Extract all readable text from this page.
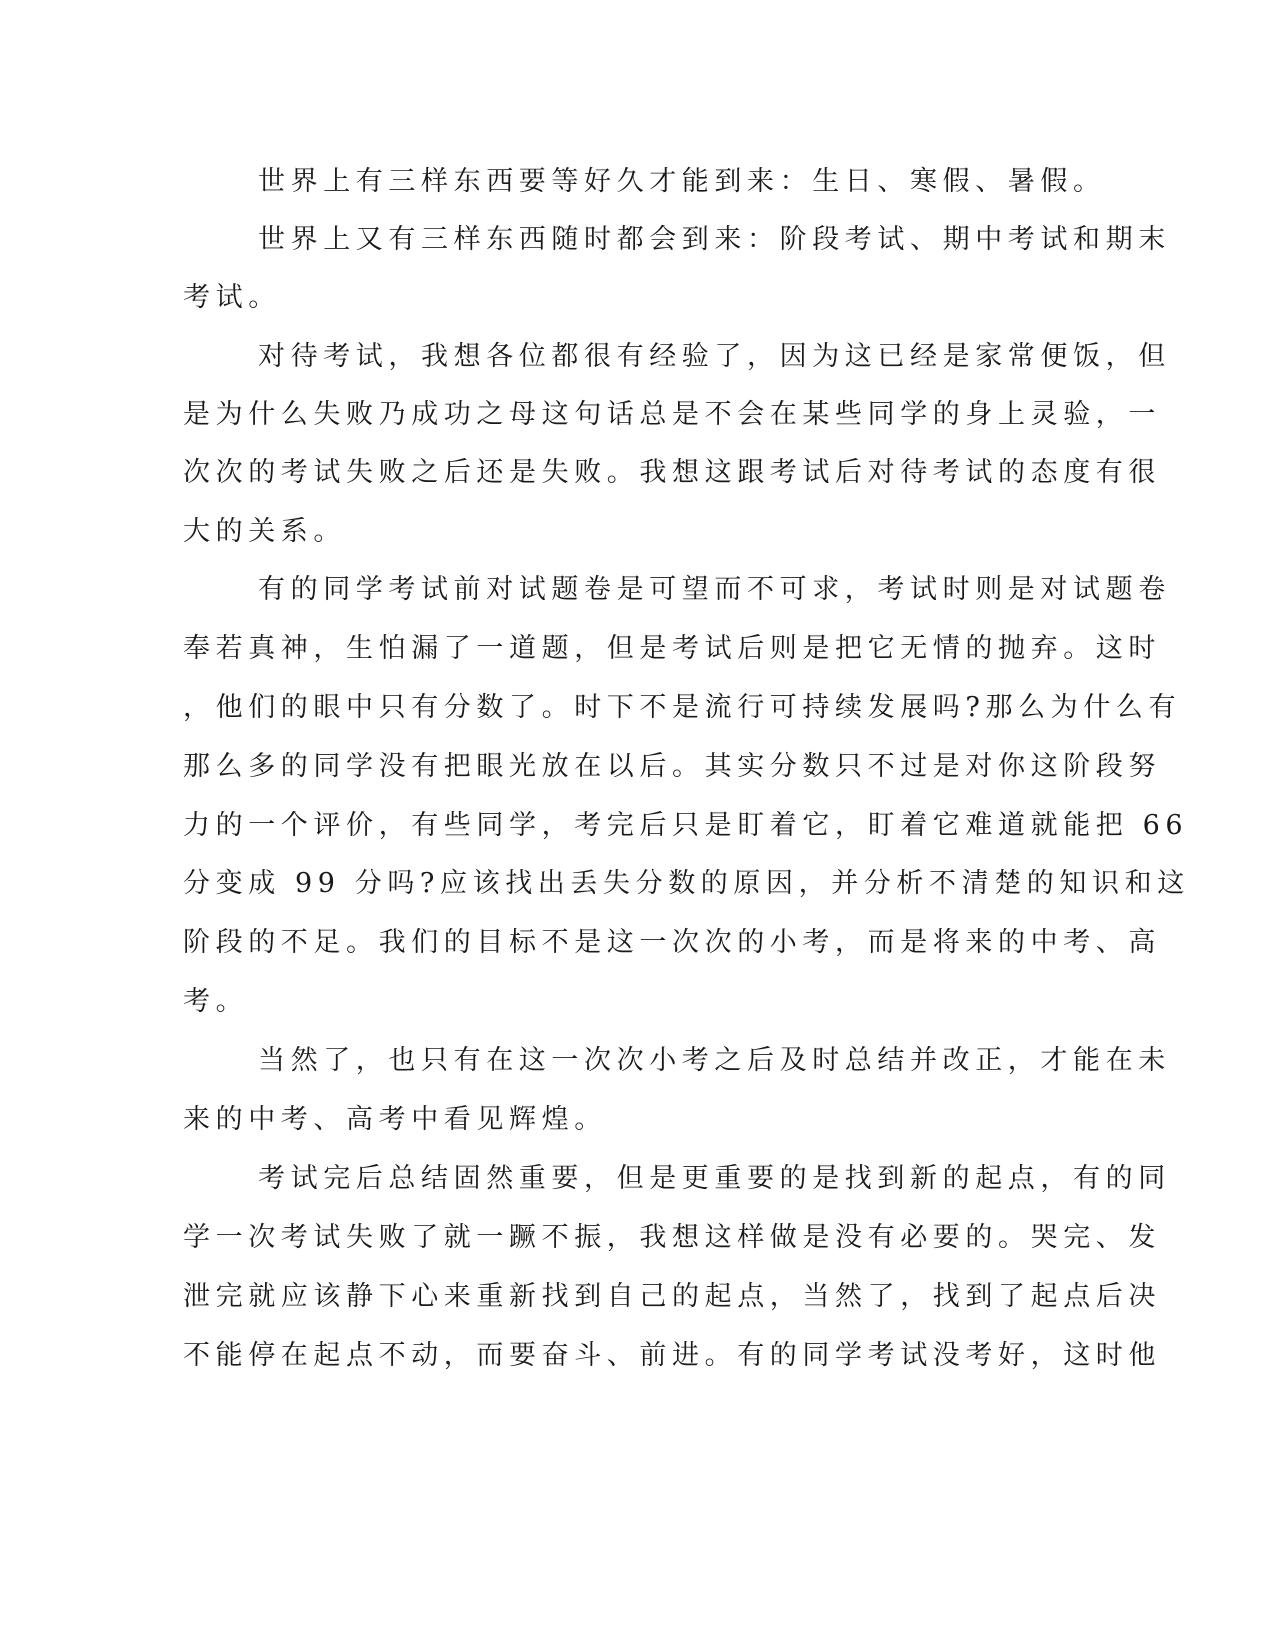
世界上有三样东西要等好久才能到来：生日、寒假、暑假。
世界上又有三样东西随时都会到来：阶段考试、期中考试和期末
考试。
对待考试，我想各位都很有经验了，因为这已经是家常便饭，但
是为什么失败乃成功之母这句话总是不会在某些同学的身上灵验，一
次次的考试失败之后还是失败。我想这跟考试后对待考试的态度有很
大的关系。
有的同学考试前对试题卷是可望而不可求，考试时则是对试题卷
奉若真神，生怕漏了一道题，但是考试后则是把它无情的抛弃。这时
，他们的眼中只有分数了。时下不是流行可持续发展吗?那么为什么有
那么多的同学没有把眼光放在以后。其实分数只不过是对你这阶段努
力的一个评价，有些同学，考完后只是盯着它，盯着它难道就能把 66
分变成 99 分吗?应该找出丢失分数的原因，并分析不清楚的知识和这
阶段的不足。我们的目标不是这一次次的小考，而是将来的中考、高
考。
当然了，也只有在这一次次小考之后及时总结并改正，才能在未
来的中考、高考中看见辉煌。
考试完后总结固然重要，但是更重要的是找到新的起点，有的同
学一次考试失败了就一蹶不振，我想这样做是没有必要的。哭完、发
泄完就应该静下心来重新找到自己的起点，当然了，找到了起点后决
不能停在起点不动，而要奋斗、前进。有的同学考试没考好，这时他
